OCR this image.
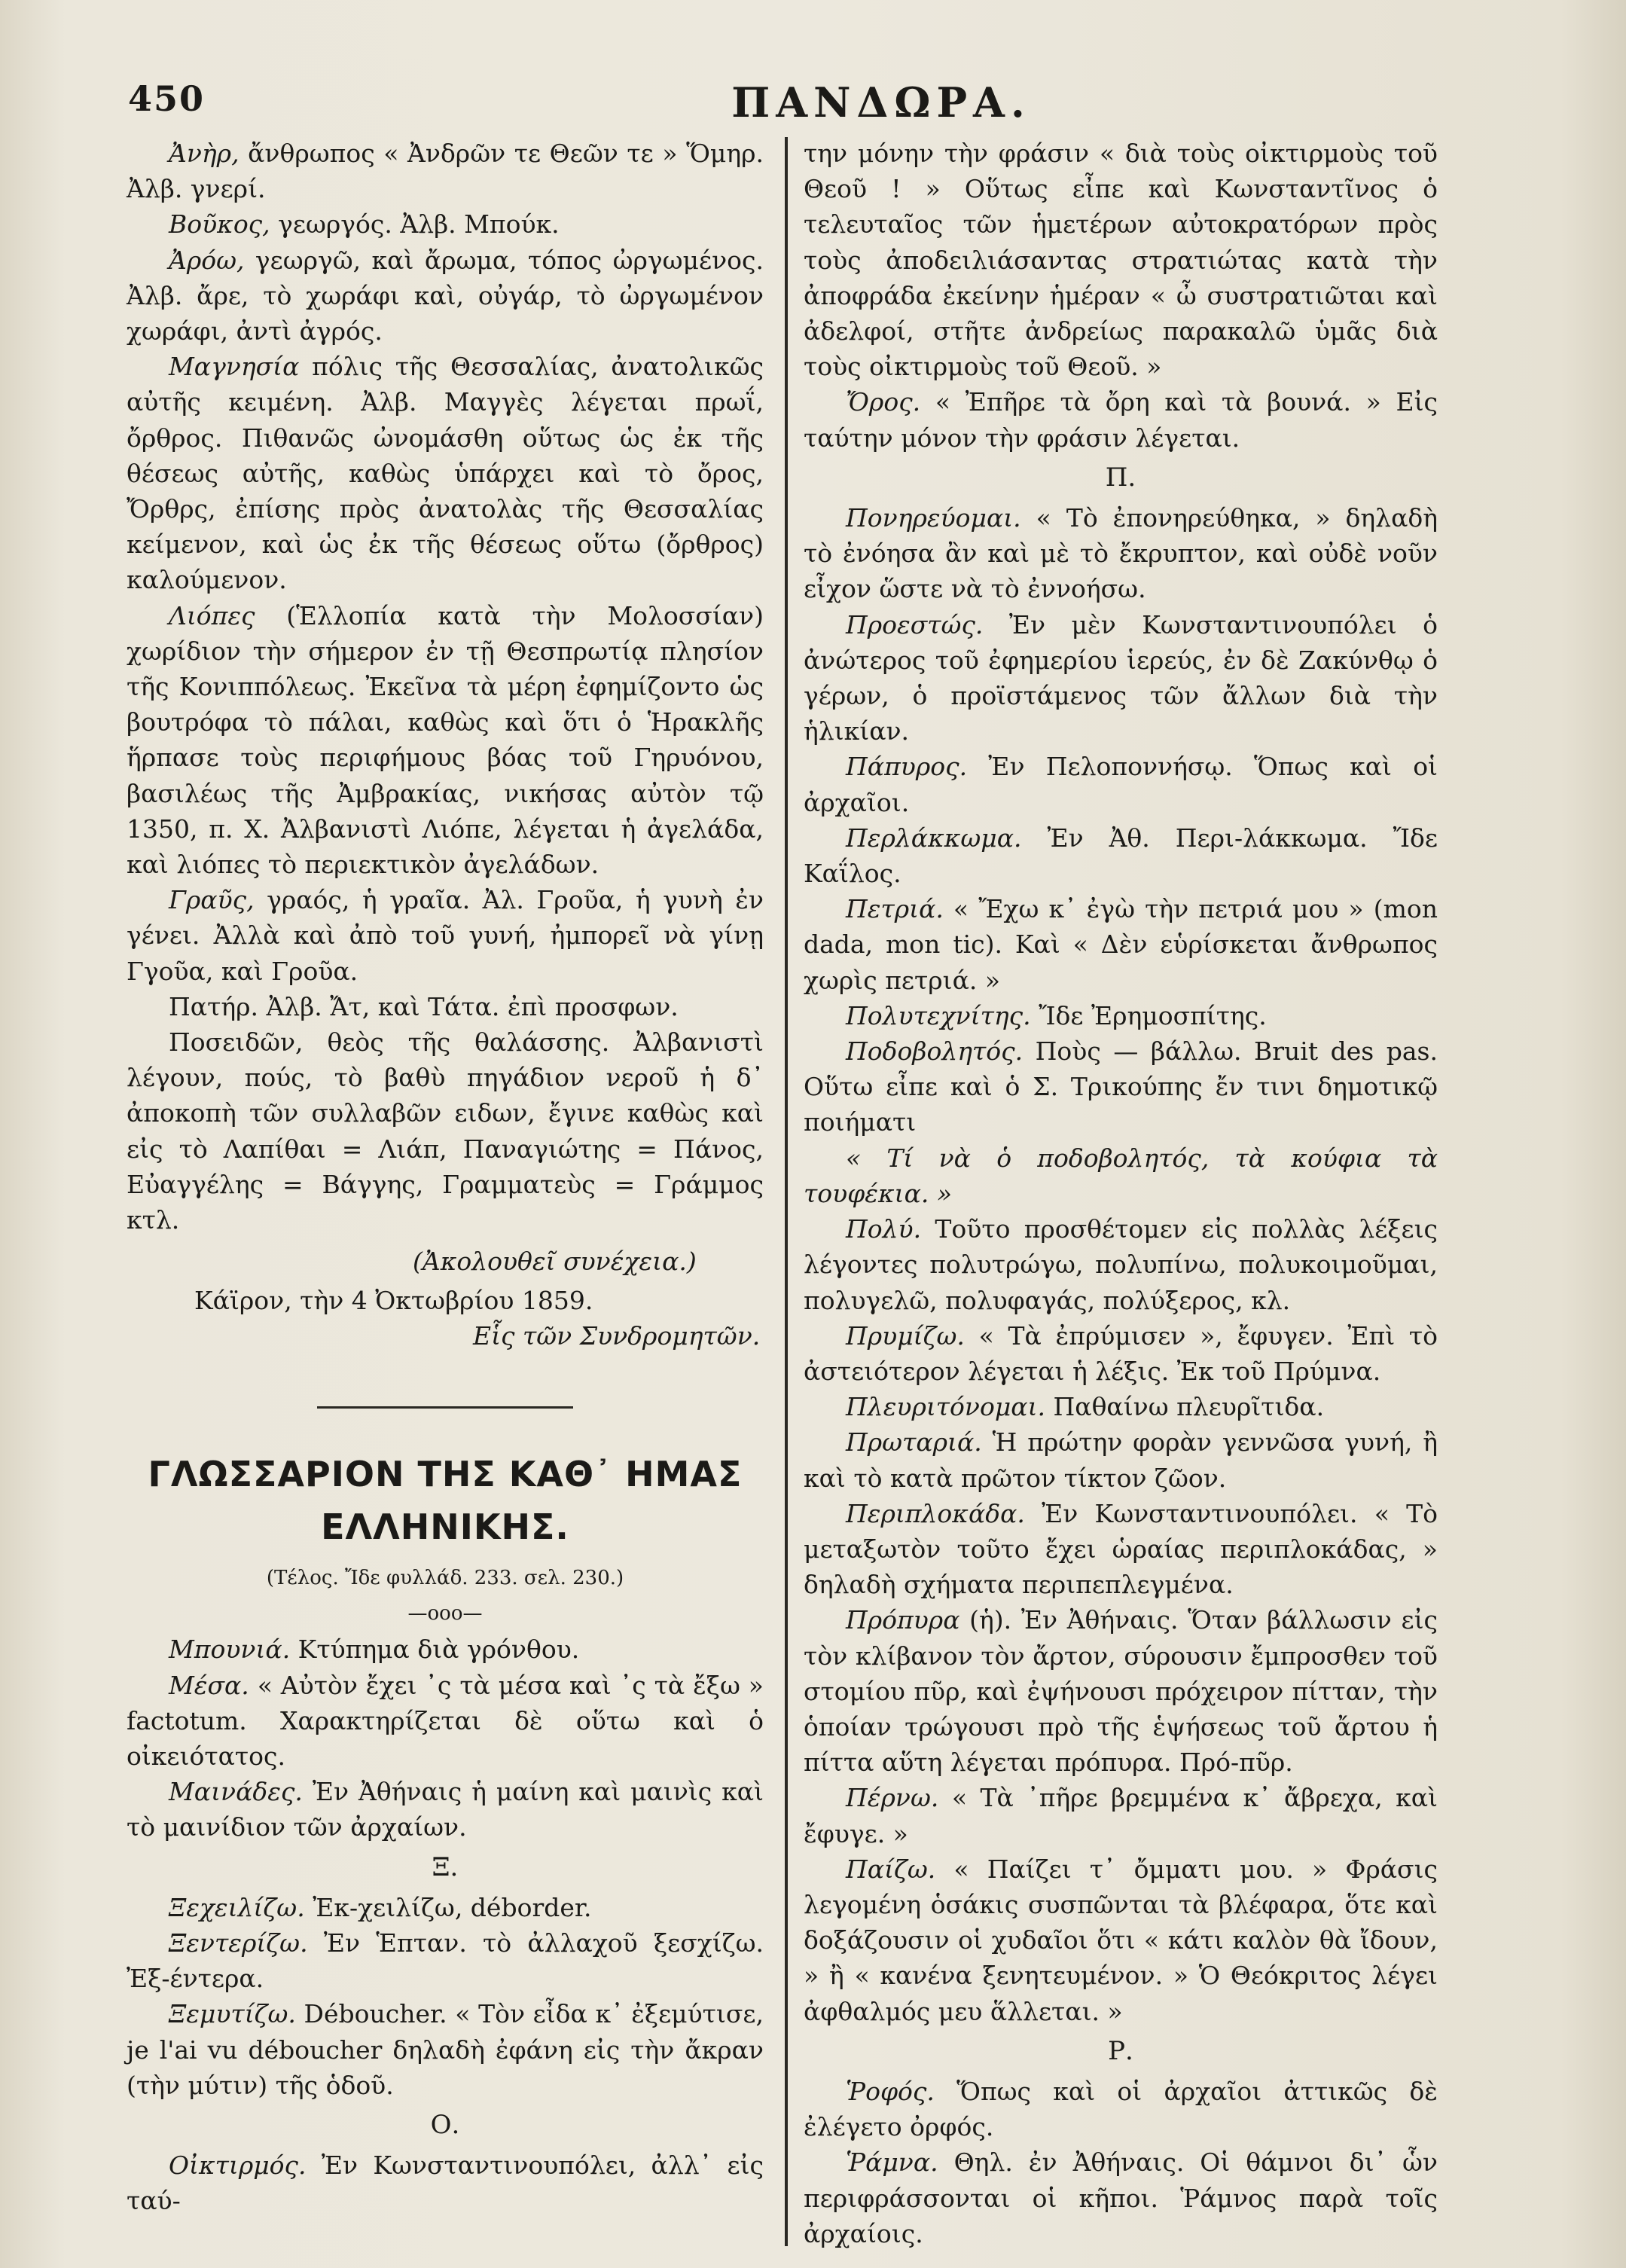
450	ΠΑΝΔΩΡΑ.

Ἀνὴρ, ἄνθρωπος « Ἀνδρῶν τε Θεῶν τε » Ὅμηρ. Ἀλβ. γνερί.

Βοῦκος, γεωργός. Ἀλβ. Μπούκ.

Ἀρόω, γεωργῶ, καὶ ἄρωμα, τόπος ὠργωμένος. Ἀλβ. ἄρε, τὸ χωράφι καὶ, οὐγάρ, τὸ ὠργωμένον χωράφι, ἀντὶ ἀγρός.

Μαγνησία πόλις τῆς Θεσσαλίας, ἀνατολικῶς αὐτῆς κειμένη. Ἀλβ. Μαγγὲς λέγεται πρωΐ, ὄρθρος. Πιθανῶς ὠνομάσθη οὕτως ὡς ἐκ τῆς θέσεως αὐτῆς, καθὼς ὑπάρχει καὶ τὸ ὄρος, Ὄρθρς, ἐπίσης πρὸς ἀνατολὰς τῆς Θεσσαλίας κείμενον, καὶ ὡς ἐκ τῆς θέσεως οὕτω (ὄρθρος) καλούμενον.

Λιόπες (Ἑλλοπία κατὰ τὴν Μολοσσίαν) χωρίδιον τὴν σήμερον ἐν τῇ Θεσπρωτίᾳ πλησίον τῆς Κονιππόλεως. Ἐκεῖνα τὰ μέρη ἐφημίζοντο ὡς βουτρόφα τὸ πάλαι, καθὼς καὶ ὅτι ὁ Ἡρακλῆς ἥρπασε τοὺς περιφήμους βόας τοῦ Γηρυόνου, βασιλέως τῆς Ἀμβρακίας, νικήσας αὐτὸν τῷ 1350, π. Χ. Ἀλβανιστὶ Λιόπε, λέγεται ἡ ἀγελάδα, καὶ λιόπες τὸ περιεκτικὸν ἀγελάδων.

Γραῦς, γραός, ἡ γραῖα. Ἀλ. Γροῦα, ἡ γυνὴ ἐν γένει. Ἀλλὰ καὶ ἀπὸ τοῦ γυνή, ἠμπορεῖ νὰ γίνῃ Γγοῦα, καὶ Γροῦα.

Πατήρ. Ἀλβ. Ἄτ, καὶ Τάτα. ἐπὶ προσφων.

Ποσειδῶν, θεὸς τῆς θαλάσσης. Ἀλβανιστὶ λέγουν, πούς, τὸ βαθὺ πηγάδιον νεροῦ ἡ δ᾽ ἀποκοπὴ τῶν συλλαβῶν ειδων, ἔγινε καθὼς καὶ εἰς τὸ Λαπίθαι = Λιάπ, Παναγιώτης = Πάνος, Εὐαγγέλης = Βάγγης, Γραμματεὺς = Γράμμος κτλ.

(Ἀκολουθεῖ συνέχεια.)

Κάϊρον, τὴν 4 Ὀκτωβρίου 1859.

Εἷς τῶν Συνδρομητῶν.

ΓΛΩΣΣΑΡΙΟΝ ΤΗΣ ΚΑΘ᾽ ΗΜΑΣ
ΕΛΛΗΝΙΚΗΣ.

(Τέλος. Ἴδε φυλλάδ. 233. σελ. 230.)

—ooo—

Μπουνιά. Κτύπημα διὰ γρόνθου.

Μέσα. « Αὐτὸν ἔχει ᾽ς τὰ μέσα καὶ ᾽ς τὰ ἔξω » factotum. Χαρακτηρίζεται δὲ οὕτω καὶ ὁ οἰκειότατος.

Μαινάδες. Ἐν Ἀθήναις ἡ μαίνη καὶ μαινὶς καὶ τὸ μαινίδιον τῶν ἀρχαίων.

Ξ.

Ξεχειλίζω. Ἐκ-χειλίζω, déborder.

Ξεντερίζω. Ἐν Ἑπταν. τὸ ἀλλαχοῦ ξεσχίζω. Ἐξ-έντερα.

Ξεμυτίζω. Déboucher. « Τὸν εἶδα κ᾽ ἐξεμύτισε, je l'ai vu déboucher δηλαδὴ ἐφάνη εἰς τὴν ἄκραν (τὴν μύτιν) τῆς ὁδοῦ.

Ο.

Οἰκτιρμός. Ἐν Κωνσταντινουπόλει, ἀλλ᾽ εἰς ταύ-

την μόνην τὴν φράσιν « διὰ τοὺς οἰκτιρμοὺς τοῦ Θεοῦ ! » Οὕτως εἶπε καὶ Κωνσταντῖνος ὁ τελευταῖος τῶν ἡμετέρων αὐτοκρατόρων πρὸς τοὺς ἀποδειλιάσαντας στρατιώτας κατὰ τὴν ἀποφράδα ἐκείνην ἡμέραν « ὦ συστρατιῶται καὶ ἀδελφοί, στῆτε ἀνδρείως παρακαλῶ ὑμᾶς διὰ τοὺς οἰκτιρμοὺς τοῦ Θεοῦ. »

Ὄρος. « Ἐπῆρε τὰ ὄρη καὶ τὰ βουνά. » Εἰς ταύτην μόνον τὴν φράσιν λέγεται.

Π.

Πονηρεύομαι. « Τὸ ἐπονηρεύθηκα, » δηλαδὴ τὸ ἐνόησα ἂν καὶ μὲ τὸ ἔκρυπτον, καὶ οὐδὲ νοῦν εἶχον ὥστε νὰ τὸ ἐννοήσω.

Προεστώς. Ἐν μὲν Κωνσταντινουπόλει ὁ ἀνώτερος τοῦ ἐφημερίου ἱερεύς, ἐν δὲ Ζακύνθῳ ὁ γέρων, ὁ προϊστάμενος τῶν ἄλλων διὰ τὴν ἡλικίαν.

Πάπυρος. Ἐν Πελοποννήσῳ. Ὅπως καὶ οἱ ἀρχαῖοι.

Περλάκκωμα. Ἐν Ἀθ. Περι-λάκκωμα. Ἴδε Καΐλος.

Πετριά. « Ἔχω κ᾽ ἐγὼ τὴν πετριά μου » (mon dada, mon tic). Καὶ « Δὲν εὑρίσκεται ἄνθρωπος χωρὶς πετριά. »

Πολυτεχνίτης. Ἴδε Ἐρημοσπίτης.

Ποδοβολητός. Ποὺς — βάλλω. Bruit des pas. Οὕτω εἶπε καὶ ὁ Σ. Τρικούπης ἔν τινι δημοτικῷ ποιήματι

« Τί νὰ ὁ ποδοβολητός, τὰ κούφια τὰ τουφέκια. »

Πολύ. Τοῦτο προσθέτομεν εἰς πολλὰς λέξεις λέγοντες πολυτρώγω, πολυπίνω, πολυκοιμοῦμαι, πολυγελῶ, πολυφαγάς, πολύξερος, κλ.

Πρυμίζω. « Τὰ ἐπρύμισεν », ἔφυγεν. Ἐπὶ τὸ ἀστειότερον λέγεται ἡ λέξις. Ἐκ τοῦ Πρύμνα.

Πλευριτόνομαι. Παθαίνω πλευρῖτιδα.

Πρωταριά. Ἡ πρώτην φορὰν γεννῶσα γυνή, ἢ καὶ τὸ κατὰ πρῶτον τίκτον ζῶον.

Περιπλοκάδα. Ἐν Κωνσταντινουπόλει. « Τὸ μεταξωτὸν τοῦτο ἔχει ὡραίας περιπλοκάδας, » δηλαδὴ σχήματα περιπεπλεγμένα.

Πρόπυρα (ἡ). Ἐν Ἀθήναις. Ὅταν βάλλωσιν εἰς τὸν κλίβανον τὸν ἄρτον, σύρουσιν ἔμπροσθεν τοῦ στομίου πῦρ, καὶ ἐψήνουσι πρόχειρον πίτταν, τὴν ὁποίαν τρώγουσι πρὸ τῆς ἑψήσεως τοῦ ἄρτου ἡ πίττα αὕτη λέγεται πρόπυρα. Πρό-πῦρ.

Πέρνω. « Τὰ ᾽πῆρε βρεμμένα κ᾽ ἄβρεχα, καὶ ἔφυγε. »

Παίζω. « Παίζει τ᾽ ὄμματι μου. » Φράσις λεγομένη ὁσάκις συσπῶνται τὰ βλέφαρα, ὅτε καὶ δοξάζουσιν οἱ χυδαῖοι ὅτι « κάτι καλὸν θὰ ἴδουν, » ἢ « κανένα ξενητευμένον. » Ὁ Θεόκριτος λέγει ἀφθαλμός μευ ἅλλεται. »

Ρ.

Ῥοφός. Ὅπως καὶ οἱ ἀρχαῖοι ἀττικῶς δὲ ἐλέγετο ὀρφός.

Ῥάμνα. Θηλ. ἐν Ἀθήναις. Οἱ θάμνοι δι᾽ ὧν περιφράσσονται οἱ κῆποι. Ῥάμνος παρὰ τοῖς ἀρχαίοις.
